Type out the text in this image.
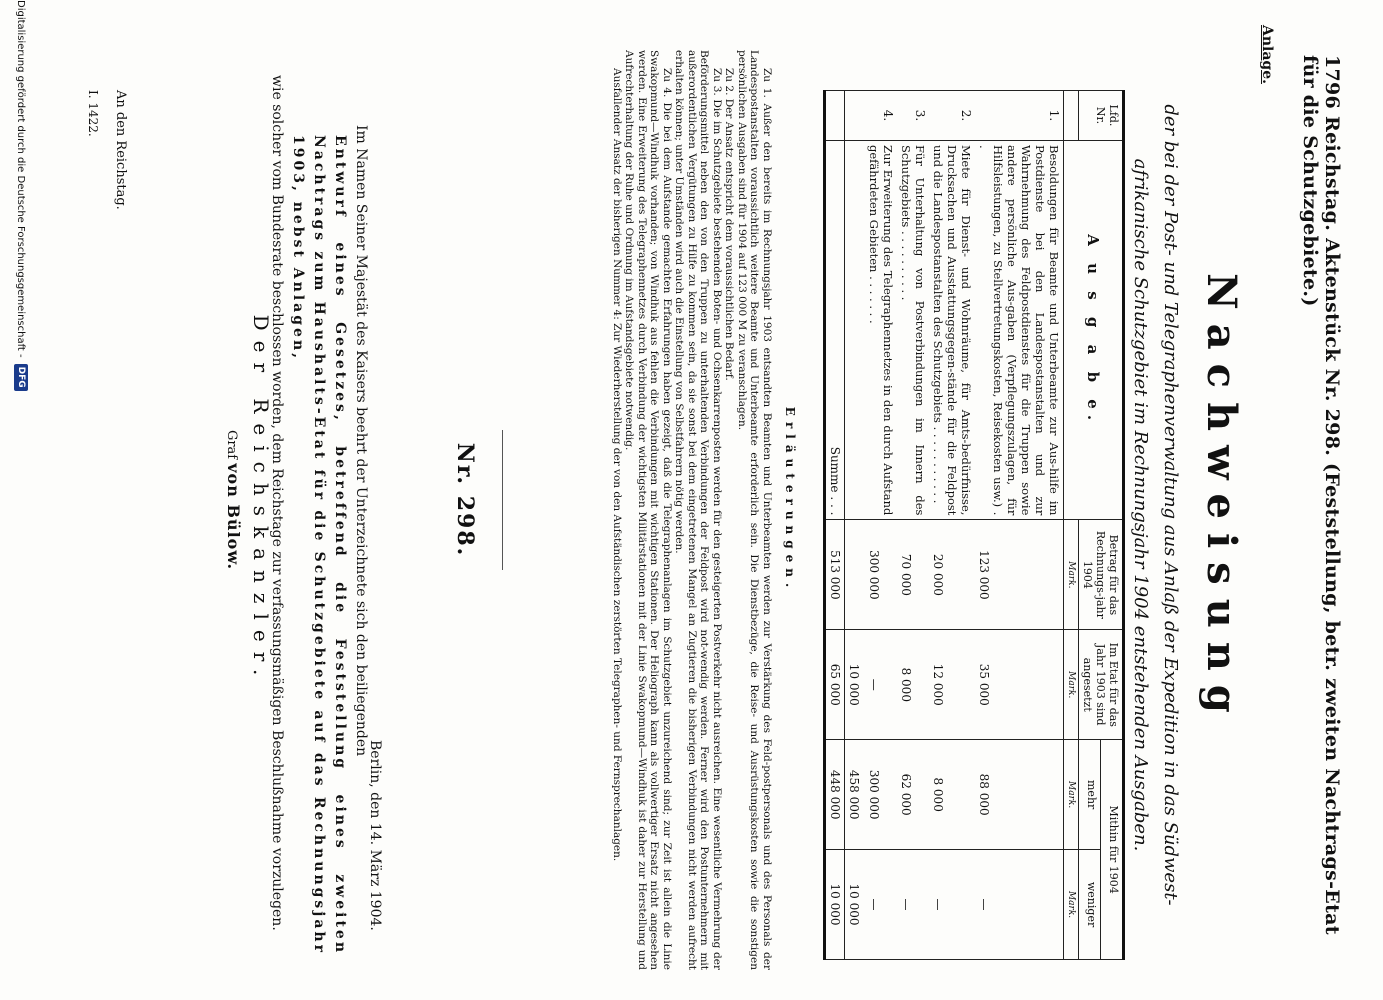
1796 Reichstag. Aktenstück Nr. 298. (Feststellung, betr. zweiten Nachtrags-Etat für die Schutzgebiete.)
Anlage.
Nachweisung
der bei der Post- und Telegraphenverwaltung aus Anlaß der Expedition in das Südwest-afrikanische Schutzgebiet im Rechnungsjahr 1904 entstehenden Ausgaben.
Lfd. Nr.	A u s g a b e.	Betrag für das Rechnungs-jahr 1904	Im Etat für das Jahr 1903 sind angesetzt	Mithin für 1904	
				mehr	weniger
		Mark.	Mark.	Mark.	Mark.
1.	Besoldungen für Beamte und Unterbeamte zur Aus-hilfe im Postdienste bei den Landespostanstalten und zur Wahrnehmung des Feldpostdienstes für die Truppen sowie andere persönliche Aus-gaben (Verpflegungszulagen, für Hilfsleistungen, zu Stellvertretungskosten, Reisekosten usw.) . .	123 000	35 000	88 000	—
2.	Miete für Dienst- und Wohnräume, für Amts-bedürfnisse, Drucksachen und Ausstattungsgegen-stände für die Feldpost und die Landespostanstalten des Schutzgebiets . . . . . . . . . . .	20 000	12 000	8 000	—
3.	Für Unterhaltung von Postverbindungen im Innern des Schutzgebiets . . . . . . . . . .	70 000	8 000	62 000	—
4.	Zur Erweiterung des Telegraphennetzes in den durch Aufstand gefährdeten Gebieten . . . . . . .	300 000	—	300 000	—
			10 000	458 000	10 000
	Summe . . .	513 000	65 000	448 000	10 000
Erläuterungen.

Zu 1. Außer den bereits im Rechnungsjahr 1903 entsandten Beamten und Unterbeamten werden zur Verstärkung des Feld-postpersonals und des Personals der Landespostanstalten voraussichtlich weitere Beamte und Unterbeamte erforderlich sein. Die Dienstbezüge, die Reise- und Ausrüstungskosten sowie die sonstigen persönlichen Ausgaben sind für 1904 auf 123 000 M zu veranschlagen.

Zu 2. Der Ansatz entspricht dem voraussichtlichen Bedarf.

Zu 3. Die im Schutzgebiete bestehenden Boten- und Ochsenkarrenposten werden für den gesteigerten Postverkehr nicht ausreichen. Eine wesentliche Vermehrung der Beförderungsmittel neben den von den Truppen zu unterhaltenden Verbindungen der Feldpost wird not-wendig werden. Ferner wird den Postunternehmern mit außerordentlichen Vergütungen zu Hilfe zu kommen sein, da sie sonst bei dem eingetretenen Mangel an Zugtieren die bisherigen Verbindungen nicht werden aufrecht erhalten können; unter Umständen wird auch die Einstellung von Selbstfahrern nötig werden.

Zu 4. Die bei dem Aufstande gemachten Erfahrungen haben gezeigt, daß die Telegraphenanlagen im Schutzgebiet unzureichend sind; zur Zeit ist allein die Linie Swakopmund—Windhuk vorhanden; von Windhuk aus fehlen die Verbindungen mit wichtigen Stationen. Der Heliograph kann als vollwertiger Ersatz nicht angesehen werden. Eine Erweiterung des Telegraphennetzes durch Verbindung der wichtigsten Militärstationen mit der Linie Swakopmund—Windhuk ist daher zur Herstellung und Aufrechterhaltung der Ruhe und Ordnung im Aufstandsgebiete notwendig.

Ausfallender Ansatz der bisherigen Nummer 4: Zur Wiederherstellung der von den Aufständischen zerstörten Telegraphen- und Fernsprechanlagen.

Nr. 298.
Berlin, den 14. März 1904.

Im Namen Seiner Majestät des Kaisers beehrt der Unterzeichnete sich den beiliegenden

Entwurf eines Gesetzes, betreffend die Feststellung eines zweiten Nachtrags zum Haushalts-Etat für die Schutzgebiete auf das Rechnungsjahr 1903, nebst Anlagen,

wie solcher vom Bundesrate beschlossen worden, dem Reichstage zur verfassungsmäßigen Beschlußnahme vorzulegen.

Der Reichskanzler.
Graf von Bülow.
An den Reichstag.
I. 1422.
Digitalisierung gefördert durch die Deutsche Forschungsgemeinschaft -
DFG
